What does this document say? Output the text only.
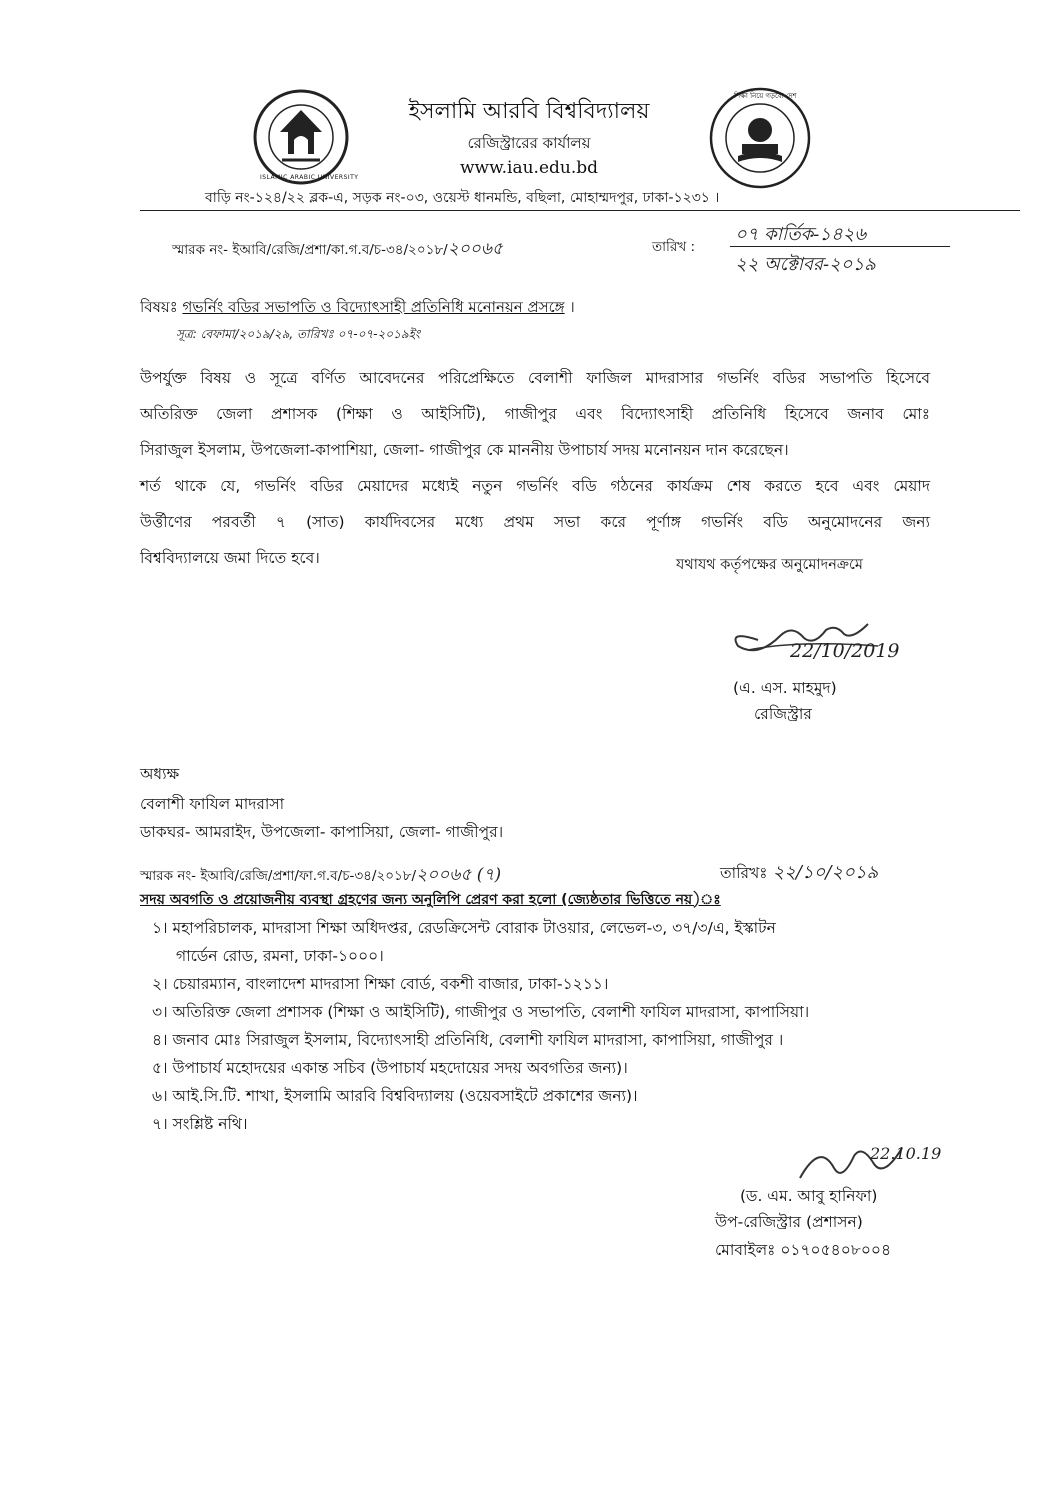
ISLAMIC ARABIC UNIVERSITY
ইসলামি আরবি বিশ্ববিদ্যালয়
রেজিস্ট্রারের কার্যালয়
www.iau.edu.bd
শিক্ষা নিয়ে গড়বো দেশ
বাড়ি নং-১২৪/২২ ব্লক-এ, সড়ক নং-০৩, ওয়েস্ট ধানমন্ডি, বছিলা, মোহাম্মদপুর, ঢাকা-১২৩১ ।
স্মারক নং- ইআবি/রেজি/প্রশা/কা.গ.ব/চ-৩৪/২০১৮/২০০৬৫	তারিখ :
০৭ কার্তিক-১৪২৬
২২ অক্টোবর-২০১৯
বিষয়ঃ গভর্নিং বডির সভাপতি ও বিদ্যোৎসাহী প্রতিনিধি মনোনয়ন প্রসঙ্গে ।
সূত্র: বেফামা/২০১৯/২৯, তারিখঃ ০৭-০৭-২০১৯ইং
উপর্যুক্ত বিষয় ও সূত্রে বর্ণিত আবেদনের পরিপ্রেক্ষিতে বেলাশী ফাজিল মাদরাসার গভর্নিং বডির সভাপতি হিসেবে
অতিরিক্ত জেলা প্রশাসক (শিক্ষা ও আইসিটি), গাজীপুর এবং বিদ্যোৎসাহী প্রতিনিধি হিসেবে জনাব মোঃ
সিরাজুল ইসলাম, উপজেলা-কাপাশিয়া, জেলা- গাজীপুর কে মাননীয় উপাচার্য সদয় মনোনয়ন দান করেছেন।
শর্ত থাকে যে, গভর্নিং বডির মেয়াদের মধ্যেই নতুন গভর্নিং বডি গঠনের কার্যক্রম শেষ করতে হবে এবং মেয়াদ
উর্ত্তীণের পরবর্তী ৭ (সাত) কার্যদিবসের মধ্যে প্রথম সভা করে পূর্ণাঙ্গ গভর্নিং বডি অনুমোদনের জন্য
বিশ্ববিদ্যালয়ে জমা দিতে হবে।	যথাযথ কর্তৃপক্ষের অনুমোদনক্রমে
22/10/2019
(এ. এস. মাহমুদ)
রেজিস্ট্রার
অধ্যক্ষ
বেলাশী ফাযিল মাদরাসা
ডাকঘর- আমরাইদ, উপজেলা- কাপাসিয়া, জেলা- গাজীপুর।
স্মারক নং- ইআবি/রেজি/প্রশা/ফা.গ.ব/চ-৩৪/২০১৮/২০০৬৫ (৭)	তারিখঃ ২২/১০/২০১৯
সদয় অবগতি ও প্রয়োজনীয় ব্যবস্থা গ্রহণের জন্য অনুলিপি প্রেরণ করা হলো (জ্যেষ্ঠতার ভিত্তিতে নয়)ঃ
১। মহাপরিচালক, মাদরাসা শিক্ষা অধিদপ্তর, রেডক্রিসেন্ট বোরাক টাওয়ার, লেভেল-৩, ৩৭/৩/এ, ইস্কাটন
গার্ডেন রোড, রমনা, ঢাকা-১০০০।
২। চেয়ারম্যান, বাংলাদেশ মাদরাসা শিক্ষা বোর্ড, বকশী বাজার, ঢাকা-১২১১।
৩। অতিরিক্ত জেলা প্রশাসক (শিক্ষা ও আইসিটি), গাজীপুর ও সভাপতি, বেলাশী ফাযিল মাদরাসা, কাপাসিয়া।
৪। জনাব মোঃ সিরাজুল ইসলাম, বিদ্যোৎসাহী প্রতিনিধি, বেলাশী ফাযিল মাদরাসা, কাপাসিয়া, গাজীপুর ।
৫। উপাচার্য মহোদয়ের একান্ত সচিব (উপাচার্য মহদোয়ের সদয় অবগতির জন্য)।
৬। আই.সি.টি. শাখা, ইসলামি আরবি বিশ্ববিদ্যালয় (ওয়েবসাইটে প্রকাশের জন্য)।
৭। সংশ্লিষ্ট নথি।
22.10.19
(ড. এম. আবু হানিফা)
উপ-রেজিস্ট্রার (প্রশাসন)
মোবাইলঃ ০১৭০৫৪০৮০০৪
